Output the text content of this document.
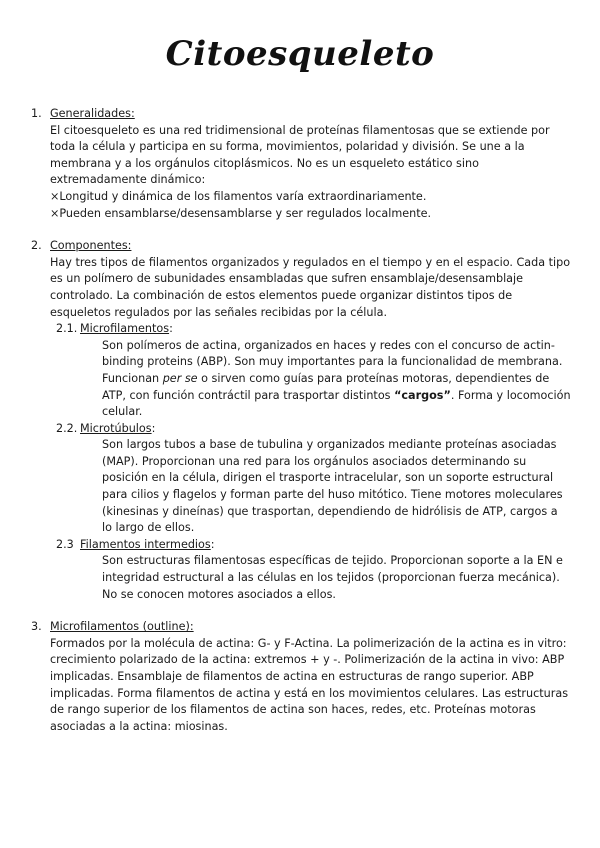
Citoesqueleto
1. Generalidades:

El citoesqueleto es una red tridimensional de proteínas filamentosas que se extiende por toda la célula y participa en su forma, movimientos, polaridad y división. Se une a la membrana y a los orgánulos citoplásmicos. No es un esqueleto estático sino extremadamente dinámico:

×Longitud y dinámica de los filamentos varía extraordinariamente.

×Pueden ensamblarse/desensamblarse y ser regulados localmente.

2. Componentes:

Hay tres tipos de filamentos organizados y regulados en el tiempo y en el espacio. Cada tipo es un polímero de subunidades ensambladas que sufren ensamblaje/desensamblaje controlado. La combinación de estos elementos puede organizar distintos tipos de esqueletos regulados por las señales recibidas por la célula.

2.1. Microfilamentos:

Son polímeros de actina, organizados en haces y redes con el concurso de actin-binding proteins (ABP). Son muy importantes para la funcionalidad de membrana. Funcionan per se o sirven como guías para proteínas motoras, dependientes de ATP, con función contráctil para trasportar distintos “cargos”. Forma y locomoción celular.

2.2. Microtúbulos:

Son largos tubos a base de tubulina y organizados mediante proteínas asociadas (MAP). Proporcionan una red para los orgánulos asociados determinando su posición en la célula, dirigen el trasporte intracelular, son un soporte estructural para cilios y flagelos y forman parte del huso mitótico. Tiene motores moleculares (kinesinas y dineínas) que trasportan, dependiendo de hidrólisis de ATP, cargos a lo largo de ellos.

2.3 Filamentos intermedios:

Son estructuras filamentosas específicas de tejido. Proporcionan soporte a la EN e integridad estructural a las células en los tejidos (proporcionan fuerza mecánica). No se conocen motores asociados a ellos.

3. Microfilamentos (outline):

Formados por la molécula de actina: G- y F-Actina. La polimerización de la actina es in vitro: crecimiento polarizado de la actina: extremos + y -. Polimerización de la actina in vivo: ABP implicadas. Ensamblaje de filamentos de actina en estructuras de rango superior. ABP implicadas. Forma filamentos de actina y está en los movimientos celulares. Las estructuras de rango superior de los filamentos de actina son haces, redes, etc. Proteínas motoras asociadas a la actina: miosinas.
